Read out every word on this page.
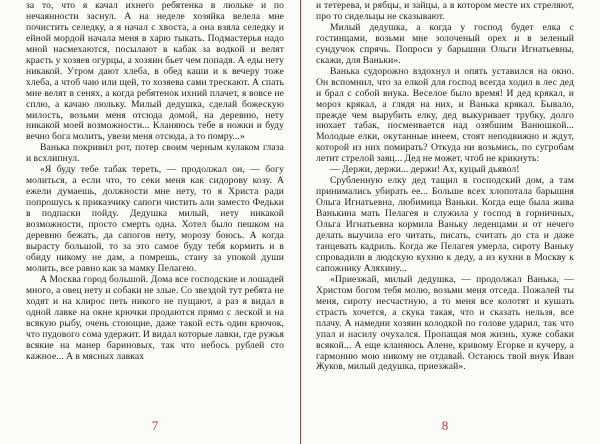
за то, что я качал ихнего ребятенка в люльке и по нечаянности заснул. А на неделе хозяйка велела мне почистить селедку, а я начал с хвоста, а она взяла селедку и ейной мордой начала меня в харю тыкать. Подмастерья надо мной насмехаются, посылают в кабак за водкой и велят красть у хозяев огурцы, а хозяин бьет чем попадя. А еды нету никакой. Утром дают хлеба, в обед каши и к вечеру тоже хлеба, а чтоб чаю или щей, то хозяева сами трескают. А спать мне велят в сенях, а когда ребятенок ихний плачет, я вовсе не сплю, а качаю люльку. Милый дедушка, сделай божескую милость, возьми меня отсюда домой, на деревню, нету никакой моей возможности... Кланяюсь тебе в ножки и буду вечно бога молить, увези меня отсюда, а то помру...»

Ванька покривил рот, потер своим черным кулаком глаза и всхлипнул.

«Я буду тебе табак тереть, — продолжал он, — богу молиться, а если что, то секи меня как сидорову козу. А ежели думаешь, должности мне нету, то я Христа ради попрошусь к приказчику сапоги чистить али заместо Федьки в подпаски пойду. Дедушка милый, нету никакой возможности, просто смерть одна. Хотел было пешком на деревню бежать, да сапогов нету, морозу боюсь. А когда вырасту большой, то за это самое буду тебя кормить и в обиду никому не дам, а помрешь, стану за упокой души молить, все равно как за мамку Пелагею.

А Москва город большой. Дома все господские и лошадей много, а овец нету и собаки не злые. Со звездой тут ребята не ходят и на клирос петь никого не пущают, а раз я видал в одной лавке на окне крючки продаются прямо с леской и на всякую рыбу, очень стоющие, даже такой есть один крючок, что пудового сома удержит. И видал которые лавки, где ружья всякие на манер бариновых, так что небось рублей сто кажное... А в мясных лавках

и тетерева, и рябцы, и зайцы, а в котором месте их стреляют, про то сидельцы не сказывают.

Милый дедушка, а когда у господ будет елка с гостинцами, возьми мне золоченый орех и в зеленый сундучок спрячь. Попроси у барышни Ольги Игнатьевны, скажи, для Ваньки».

Ванька судорожно вздохнул и опять уставился на окно. Он вспомнил, что за елкой для господ всегда ходил в лес дед и брал с собой внука. Веселое было время! И дед крякал, и мороз крякал, а глядя на них, и Ванька крякал. Бывало, прежде чем вырубить елку, дед выкуривает трубку, долго нюхает табак, посмеивается над озябшим Ванюшкой... Молодые елки, окутанные инеем, стоят неподвижно и ждут, которой из них помирать? Откуда ни возьмись, по сугробам летит стрелой заяц... Дед не может, чтоб не крикнуть:

— Держи, держи... держи! Ах, куцый дьявол!

Срубленную елку дед тащил в господский дом, а там принимались убирать ее... Больше всех хлопотала барышня Ольга Игнатьевна, любимица Ваньки. Когда еще была жива Ванькина мать Пелагея и служила у господ в горничных, Ольга Игнатьевна кормила Ваньку леденцами и от нечего делать выучила его читать, писать, считать до ста и даже танцевать кадриль. Когда же Пелагея умерла, сироту Ваньку спровадили в людскую кухню к деду, а из кухни в Москву к сапожнику Аляхину...

«Приезжай, милый дедушка, — продолжал Ванька, — Христом богом тебя молю, возьми меня отседа. Пожалей ты меня, сироту несчастную, а то меня все колотят и кушать страсть хочется, а скука такая, что и сказать нельзя, все плачу. А намедни хозяин колодкой по голове ударил, так что упал и насилу очухался. Пропащая моя жизнь, хуже собаки всякой... А еще кланяюсь Алене, кривому Егорке и кучеру, а гармонию мою никому не отдавай. Остаюсь твой внук Иван Жуков, милый дедушка, приезжай».

7	8
